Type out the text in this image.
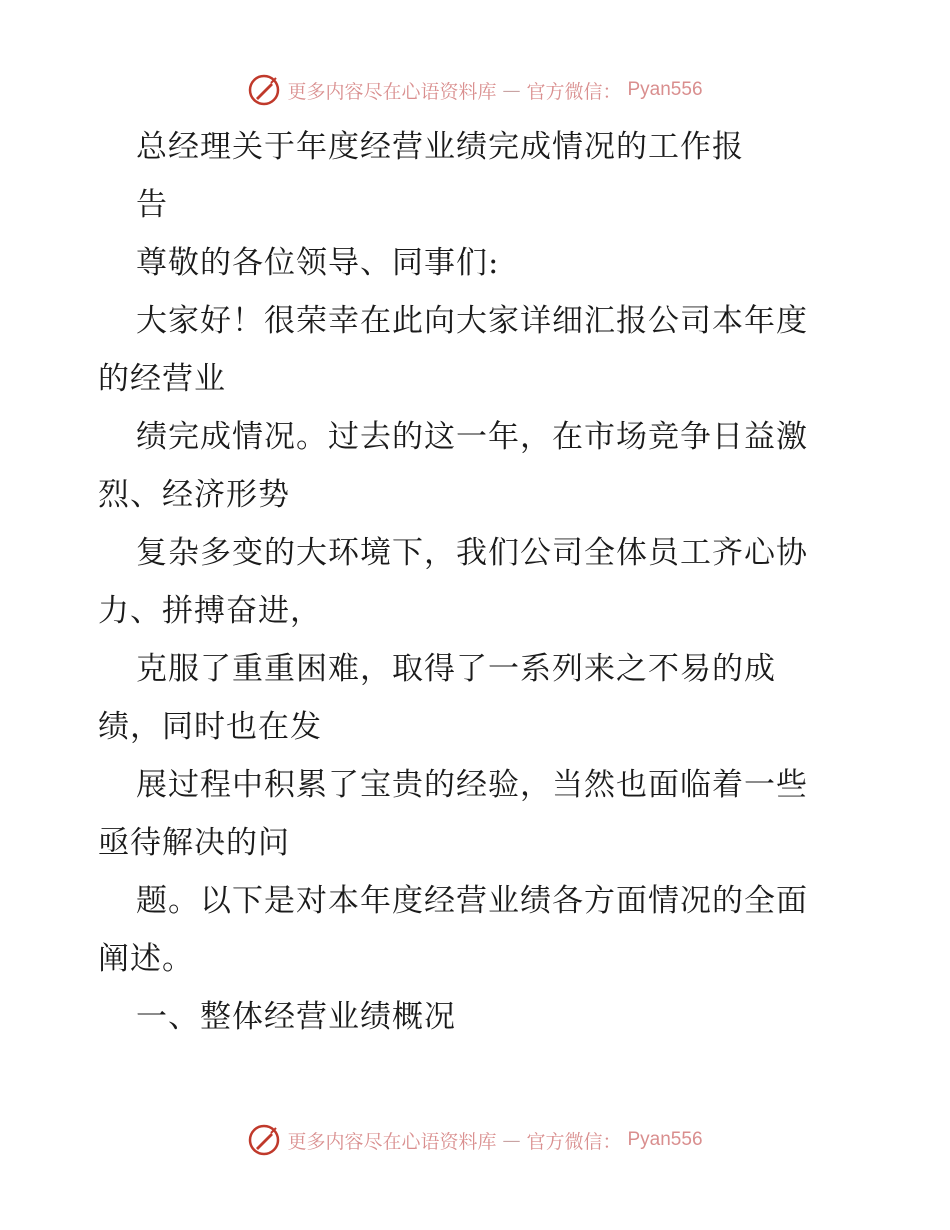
更多内容尽在心语资料库 — 官方微信： Pyan556
总经理关于年度经营业绩完成情况的工作报
告
尊敬的各位领导、同事们:
大家好！很荣幸在此向大家详细汇报公司本年度
的经营业
绩完成情况。过去的这一年，在市场竞争日益激
烈、经济形势
复杂多变的大环境下，我们公司全体员工齐心协
力、拼搏奋进，
克服了重重困难，取得了一系列来之不易的成
绩，同时也在发
展过程中积累了宝贵的经验，当然也面临着一些
亟待解决的问
题。以下是对本年度经营业绩各方面情况的全面
阐述。
一、整体经营业绩概况
更多内容尽在心语资料库 — 官方微信： Pyan556
